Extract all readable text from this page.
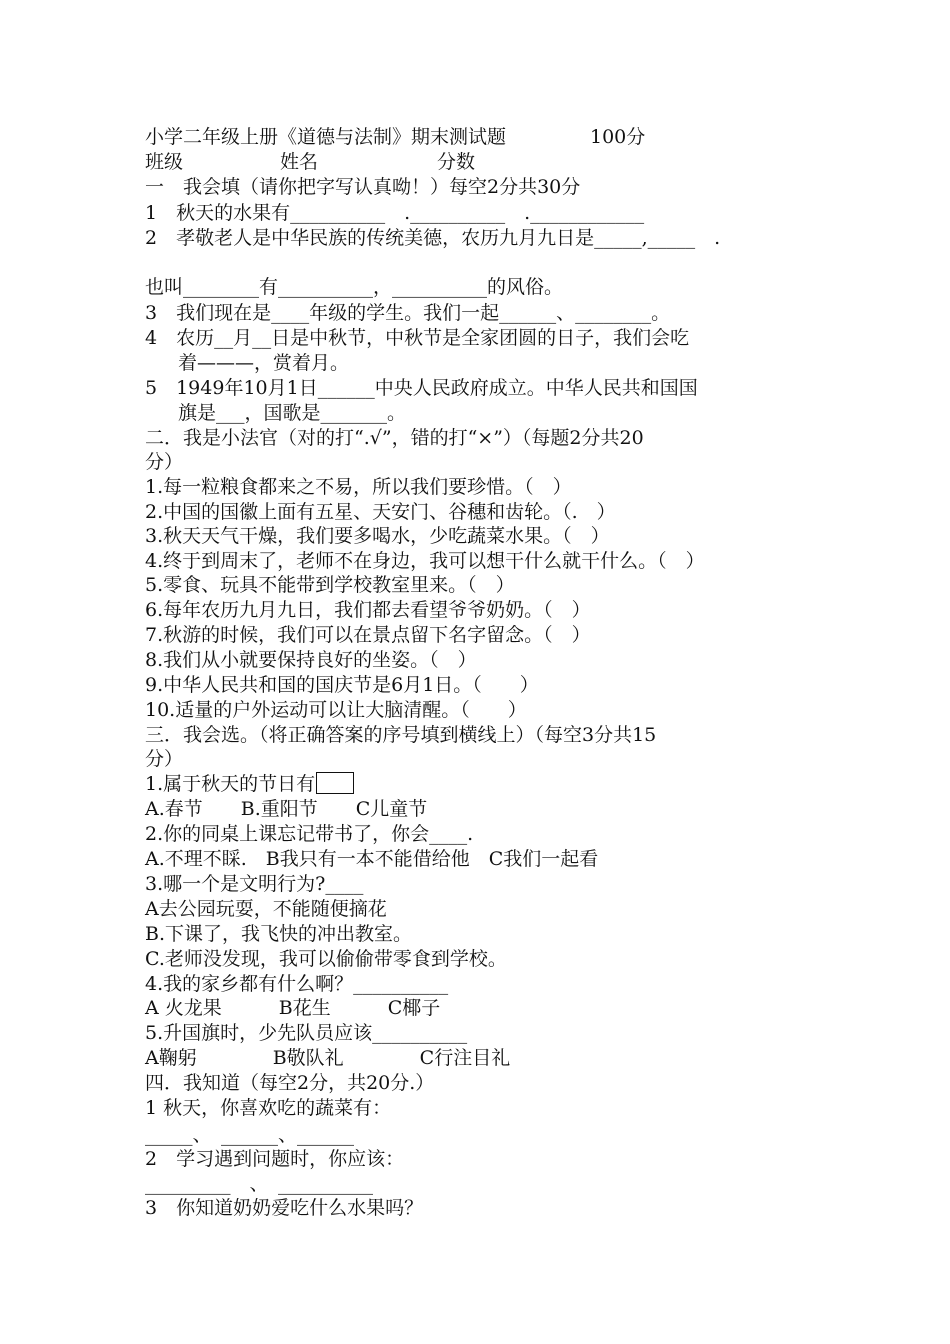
小学二年级上册《道德与法制》期末测试题	100分
班级	姓名	分数
一　我会填（请你把字写认真呦！）每空2分共30分
1　秋天的水果有__________　.__________　.____________
2　孝敬老人是中华民族的传统美德，农历九月九日是_____,_____　.
也叫________有__________，__________的风俗。
3　我们现在是____年级的学生。我们一起______、________。
4　农历__月__日是中秋节，中秋节是全家团圆的日子，我们会吃
着———，赏着月。
5　1949年10月1日______中央人民政府成立。中华人民共和国国
旗是___，国歌是_______。
二．我是小法官（对的打“.√”，错的打“×”）（每题2分共20
分）
1.每一粒粮食都来之不易，所以我们要珍惜。（　）
2.中国的国徽上面有五星、天安门、谷穗和齿轮。（.　）
3.秋天天气干燥，我们要多喝水，少吃蔬菜水果。（　）
4.终于到周末了，老师不在身边，我可以想干什么就干什么。（　）
5.零食、玩具不能带到学校教室里来。（　）
6.每年农历九月九日，我们都去看望爷爷奶奶。（　）
7.秋游的时候，我们可以在景点留下名字留念。（　）
8.我们从小就要保持良好的坐姿。（　）
9.中华人民共和国的国庆节是6月1日。（　　）
10.适量的户外运动可以让大脑清醒。（　　）
三．我会选。（将正确答案的序号填到横线上）（每空3分共15
分）
1.属于秋天的节日有
A.春节　　B.重阳节　　C儿童节
2.你的同桌上课忘记带书了，你会____.
A.不理不睬.　B我只有一本不能借给他　C我们一起看
3.哪一个是文明行为?____
A去公园玩耍，不能随便摘花
B.下课了，我飞快的冲出教室。
C.老师没发现，我可以偷偷带零食到学校。
4.我的家乡都有什么啊？__________
A 火龙果　　　B花生　　　C椰子
5.升国旗时，少先队员应该__________
A鞠躬　　　　B敬队礼　　　　C行注目礼
四．我知道（每空2分，共20分.）
1 秋天，你喜欢吃的蔬菜有：
_____、　______、______
2　学习遇到问题时，你应该：
_________　、　__________
3　你知道奶奶爱吃什么水果吗？
